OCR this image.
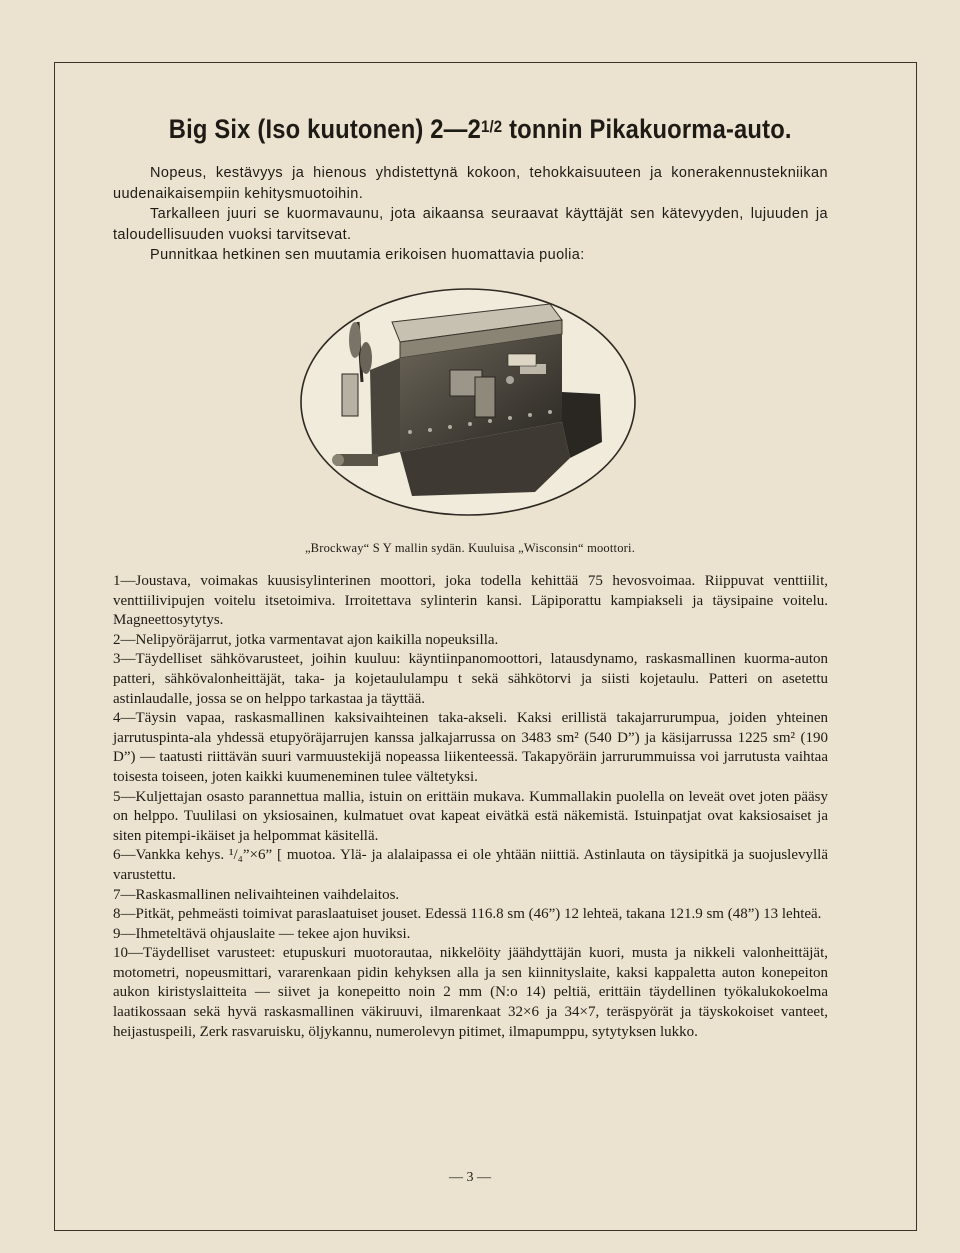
Big Six (Iso kuutonen) $2—2^{1/2}$ tonnin Pikakuorma-auto.

Nopeus, kestävyys ja hienous yhdistettynä kokoon, tehokkaisuuteen ja konerakennustekniikan uudenaikaisempiin kehitysmuotoihin.

Tarkalleen juuri se kuormavaunu, jota aikaansa seuraavat käyttäjät sen kätevyyden, lujuuden ja taloudellisuuden vuoksi tarvitsevat.

Punnitkaa hetkinen sen muutamia erikoisen huomattavia puolia:

„Brockway“ S Y mallin sydän. Kuuluisa „Wisconsin“ moottori.

1—Joustava, voimakas kuusisylinterinen moottori, joka todella kehittää 75 hevosvoimaa. Riippuvat venttiilit, venttiilivipujen voitelu itsetoimiva. Irroitettava sylinterin kansi. Läpiporattu kampiakseli ja täysipaine voitelu. Magneettosytytys.

2—Nelipyöräjarrut, jotka varmentavat ajon kaikilla nopeuksilla.

3—Täydelliset sähkövarusteet, joihin kuuluu: käyntiinpanomoottori, latausdynamo, raskasmallinen kuorma-auton patteri, sähkövalonheittäjät, taka- ja kojetaululampu t sekä sähkötorvi ja siisti kojetaulu. Patteri on asetettu astinlaudalle, jossa se on helppo tarkastaa ja täyttää.

4—Täysin vapaa, raskasmallinen kaksivaihteinen taka-akseli. Kaksi erillistä takajarrurumpua, joiden yhteinen jarrutuspinta-ala yhdessä etupyöräjarrujen kanssa jalkajarrussa on 3483 sm² (540 D”) ja käsijarrussa 1225 sm² (190 D”) — taatusti riittävän suuri varmuustekijä nopeassa liikenteessä. Takapyöräin jarrurummuissa voi jarrutusta vaihtaa toisesta toiseen, joten kaikki kuumeneminen tulee vältetyksi.

5—Kuljettajan osasto parannettua mallia, istuin on erittäin mukava. Kummallakin puolella on leveät ovet joten pääsy on helppo. Tuulilasi on yksiosainen, kulmatuet ovat kapeat eivätkä estä näkemistä. Istuinpatjat ovat kaksiosaiset ja siten pitempi-ikäiset ja helpommat käsitellä.

6—Vankka kehys. ¹/₄”×6” [ muotoa. Ylä- ja alalaipassa ei ole yhtään niittiä. Astinlauta on täysipitkä ja suojuslevyllä varustettu.

7—Raskasmallinen nelivaihteinen vaihdelaitos.

8—Pitkät, pehmeästi toimivat paraslaatuiset jouset. Edessä 116.8 sm (46”) 12 lehteä, takana 121.9 sm (48”) 13 lehteä.

9—Ihmeteltävä ohjauslaite — tekee ajon huviksi.

10—Täydelliset varusteet: etupuskuri muotorautaa, nikkelöity jäähdyttäjän kuori, musta ja nikkeli valonheittäjät, motometri, nopeusmittari, vararenkaan pidin kehyksen alla ja sen kiinnityslaite, kaksi kappaletta auton konepeiton aukon kiristyslaitteita — siivet ja konepeitto noin 2 mm (N:o 14) peltiä, erittäin täydellinen työkalukokoelma laatikossaan sekä hyvä raskasmallinen väkiruuvi, ilmarenkaat 32×6 ja 34×7, teräspyörät ja täyskokoiset vanteet, heijastuspeili, Zerk rasvaruisku, öljykannu, numerolevyn pitimet, ilmapumppu, sytytyksen lukko.

— 3 —
